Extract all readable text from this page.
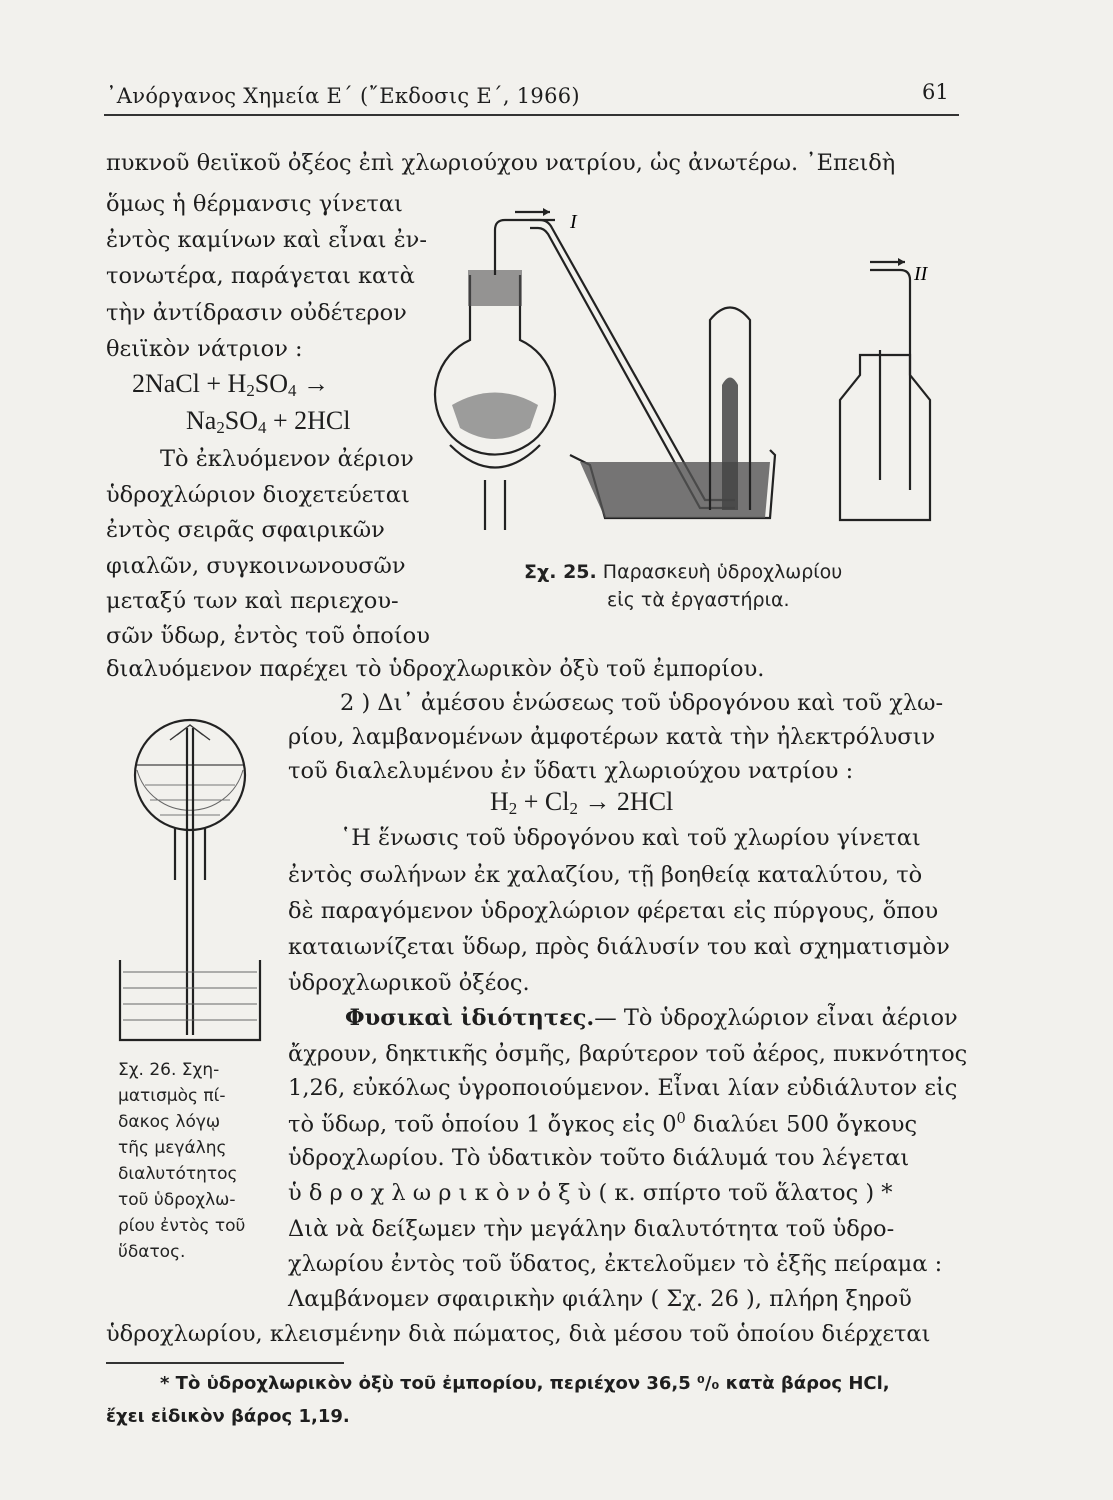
᾿Ανόργανος Χημεία Ε΄ (῎Εκδοσις Ε΄, 1966)	61
πυκνοῦ θειϊκοῦ ὀξέος ἐπὶ χλωριούχου νατρίου, ὡς ἀνωτέρω. ᾿Επειδὴ
ὅμως ἡ θέρμανσις γίνεται
ἐντὸς καμίνων καὶ εἶναι ἐν-
τονωτέρα, παράγεται κατὰ
τὴν ἀντίδρασιν οὐδέτερον
θειϊκὸν νάτριον :
2NaCl + $H_2SO_4$ →
$Na_2SO_4 + 2HCl$
Τὸ ἐκλυόμενον ἀέριον
ὑδροχλώριον διοχετεύεται
ἐντὸς σειρᾶς σφαιρικῶν
φιαλῶν, συγκοινωνουσῶν
μεταξύ των καὶ περιεχου-
σῶν ὕδωρ, ἐντὸς τοῦ ὁποίου
διαλυόμενον παρέχει τὸ ὑδροχλωρικὸν ὀξὺ τοῦ ἐμπορίου.
I
II
Σχ. 25. Παρασκευὴ ὑδροχλωρίου
εἰς τὰ ἐργαστήρια.
2 ) Δι᾿ ἀμέσου ἑνώσεως τοῦ ὑδρογόνου καὶ τοῦ χλω-
ρίου, λαμβανομένων ἀμφοτέρων κατὰ τὴν ἠλεκτρόλυσιν
τοῦ διαλελυμένου ἐν ὕδατι χλωριούχου νατρίου :
$H_2 + Cl_2 \to 2HCl$
Σχ. 26. Σχη-
ματισμὸς πί-
δακος λόγῳ
τῆς μεγάλης
διαλυτότητος
τοῦ ὑδροχλω-
ρίου ἐντὸς τοῦ
ὕδατος.
῾Η ἕνωσις τοῦ ὑδρογόνου καὶ τοῦ χλωρίου γίνεται
ἐντὸς σωλήνων ἐκ χαλαζίου, τῇ βοηθείᾳ καταλύτου, τὸ
δὲ παραγόμενον ὑδροχλώριον φέρεται εἰς πύργους, ὅπου
καταιωνίζεται ὕδωρ, πρὸς διάλυσίν του καὶ σχηματισμὸν
ὑδροχλωρικοῦ ὀξέος.
Φυσικαὶ ἰδιότητες.— Τὸ ὑδροχλώριον εἶναι ἀέριον
ἄχρουν, δηκτικῆς ὀσμῆς, βαρύτερον τοῦ ἀέρος, πυκνότητος
1,26, εὐκόλως ὑγροποιούμενον. Εἶναι λίαν εὐδιάλυτον εἰς
τὸ ὕδωρ, τοῦ ὁποίου 1 ὄγκος εἰς $0^0$ διαλύει 500 ὄγκους
ὑδροχλωρίου. Τὸ ὑδατικὸν τοῦτο διάλυμά του λέγεται
ὑ δ ρ ο χ λ ω ρ ι κ ὸ ν ὀ ξ ὺ ( κ. σπίρτο τοῦ ἅλατος ) *
Διὰ νὰ δείξωμεν τὴν μεγάλην διαλυτότητα τοῦ ὑδρο-
χλωρίου ἐντὸς τοῦ ὕδατος, ἐκτελοῦμεν τὸ ἑξῆς πείραμα :
Λαμβάνομεν σφαιρικὴν φιάλην ( Σχ. 26 ), πλήρη ξηροῦ
ὑδροχλωρίου, κλεισμένην διὰ πώματος, διὰ μέσου τοῦ ὁποίου διέρχεται
* Τὸ ὑδροχλωρικὸν ὀξὺ τοῦ ἐμπορίου, περιέχον 36,5 ⁰/₀ κατὰ βάρος HCl,
ἔχει εἰδικὸν βάρος 1,19.
